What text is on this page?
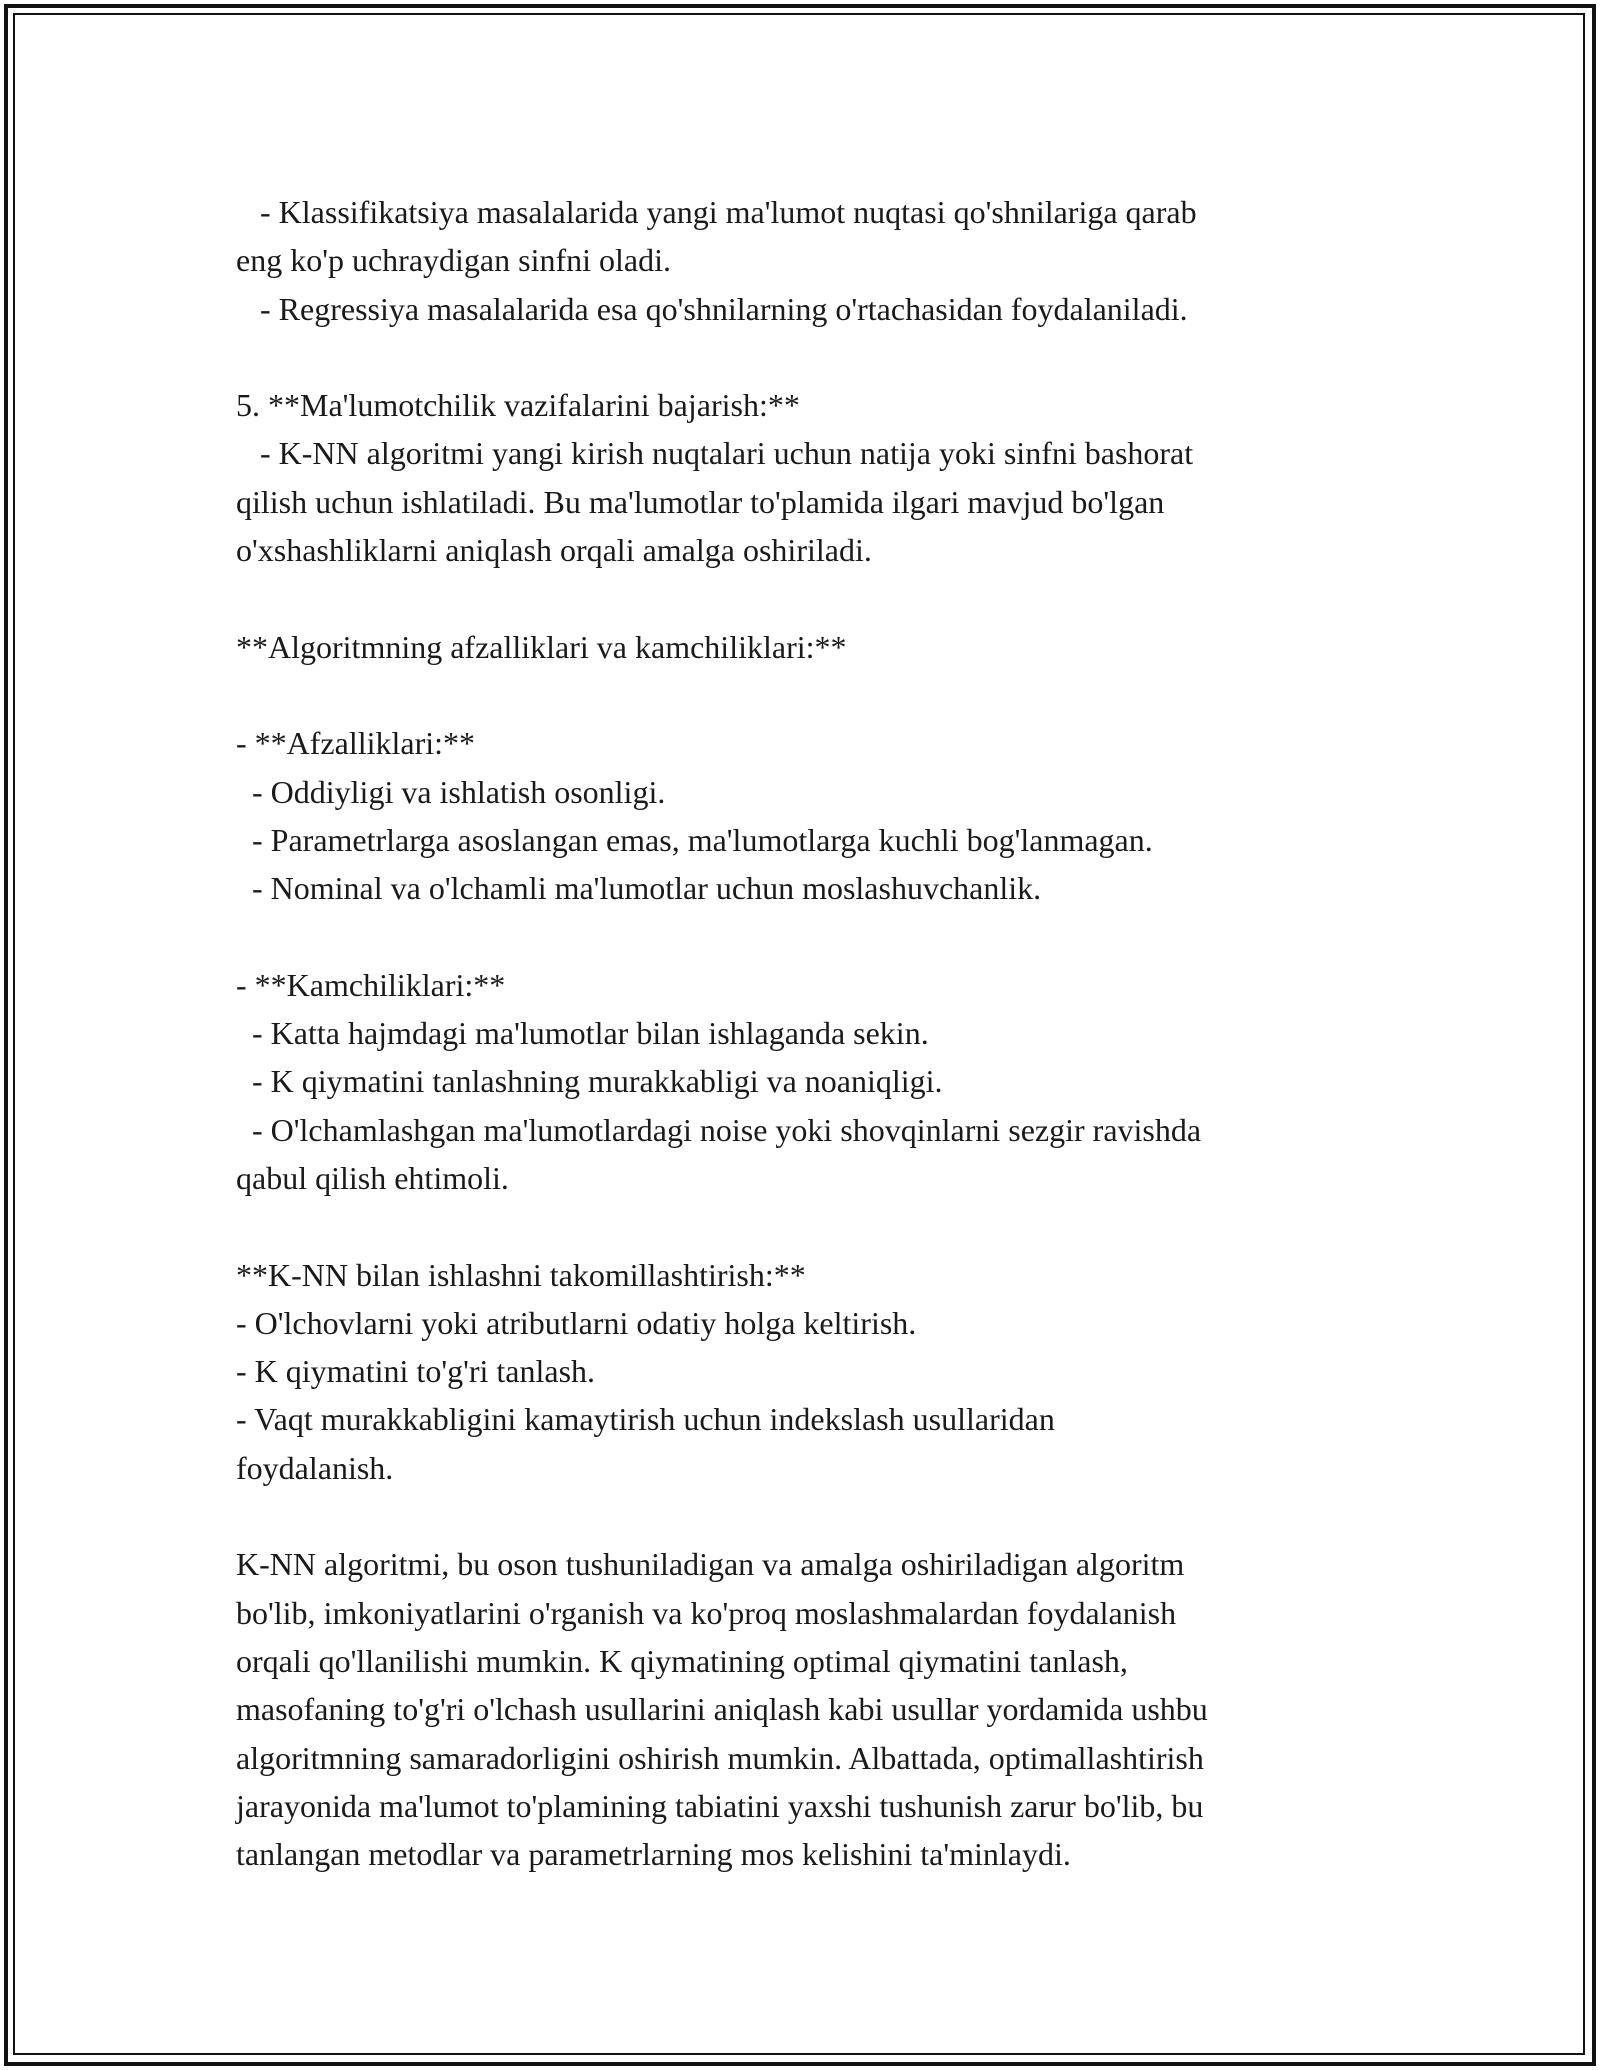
- Klassifikatsiya masalalarida yangi ma'lumot nuqtasi qo'shnilariga qarab
eng ko'p uchraydigan sinfni oladi.
- Regressiya masalalarida esa qo'shnilarning o'rtachasidan foydalaniladi.
5. **Ma'lumotchilik vazifalarini bajarish:**
- K-NN algoritmi yangi kirish nuqtalari uchun natija yoki sinfni bashorat
qilish uchun ishlatiladi. Bu ma'lumotlar to'plamida ilgari mavjud bo'lgan
o'xshashliklarni aniqlash orqali amalga oshiriladi.
**Algoritmning afzalliklari va kamchiliklari:**
- **Afzalliklari:**
- Oddiyligi va ishlatish osonligi.
- Parametrlarga asoslangan emas, ma'lumotlarga kuchli bog'lanmagan.
- Nominal va o'lchamli ma'lumotlar uchun moslashuvchanlik.
- **Kamchiliklari:**
- Katta hajmdagi ma'lumotlar bilan ishlaganda sekin.
- K qiymatini tanlashning murakkabligi va noaniqligi.
- O'lchamlashgan ma'lumotlardagi noise yoki shovqinlarni sezgir ravishda
qabul qilish ehtimoli.
**K-NN bilan ishlashni takomillashtirish:**
- O'lchovlarni yoki atributlarni odatiy holga keltirish.
- K qiymatini to'g'ri tanlash.
- Vaqt murakkabligini kamaytirish uchun indekslash usullaridan
foydalanish.
K-NN algoritmi, bu oson tushuniladigan va amalga oshiriladigan algoritm
bo'lib, imkoniyatlarini o'rganish va ko'proq moslashmalardan foydalanish
orqali qo'llanilishi mumkin. K qiymatining optimal qiymatini tanlash,
masofaning to'g'ri o'lchash usullarini aniqlash kabi usullar yordamida ushbu
algoritmning samaradorligini oshirish mumkin. Albattada, optimallashtirish
jarayonida ma'lumot to'plamining tabiatini yaxshi tushunish zarur bo'lib, bu
tanlangan metodlar va parametrlarning mos kelishini ta'minlaydi.
